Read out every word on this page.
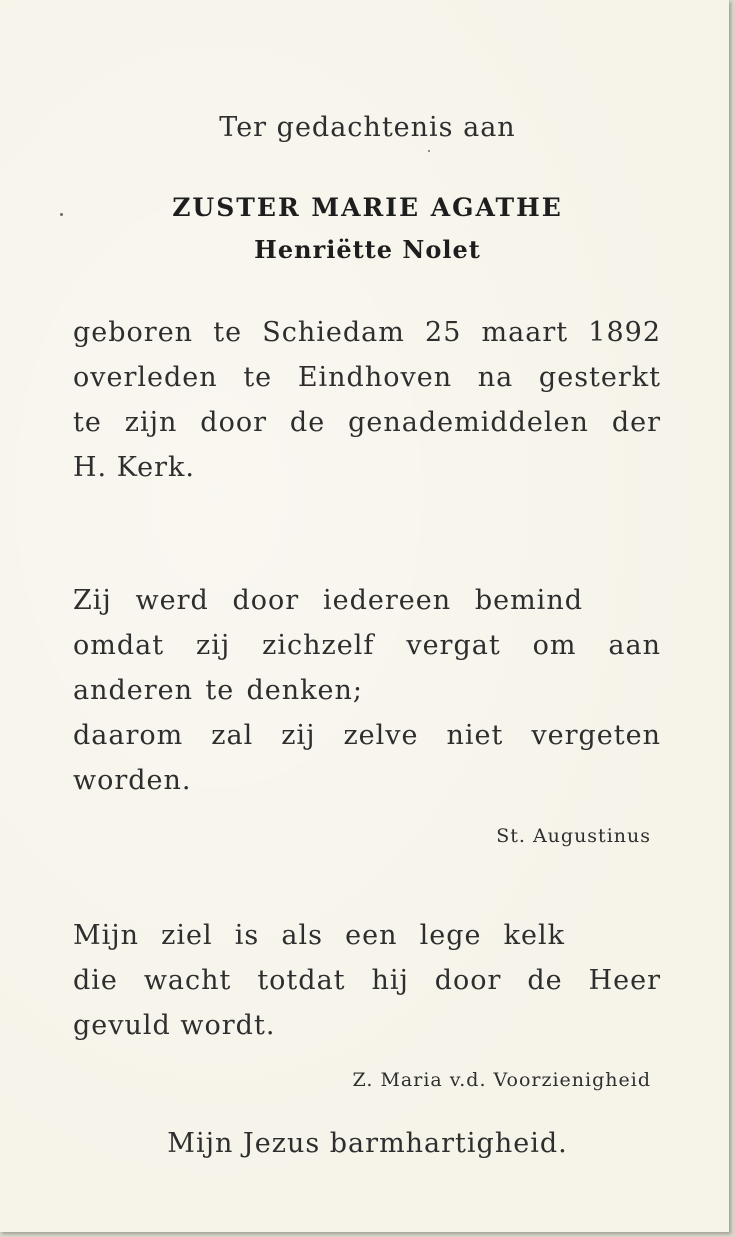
Ter gedachtenis aan
ZUSTER MARIE AGATHE
Henriëtte Nolet
geboren te Schiedam 25 maart 1892
overleden te Eindhoven na gesterkt
te zijn door de genademiddelen der
H. Kerk.
Zij werd door iedereen bemind
omdat zij zichzelf vergat om aan
anderen te denken;
daarom zal zij zelve niet vergeten
worden.
St. Augustinus
Mijn ziel is als een lege kelk
die wacht totdat hij door de Heer
gevuld wordt.
Z. Maria v.d. Voorzienigheid
Mijn Jezus barmhartigheid.
